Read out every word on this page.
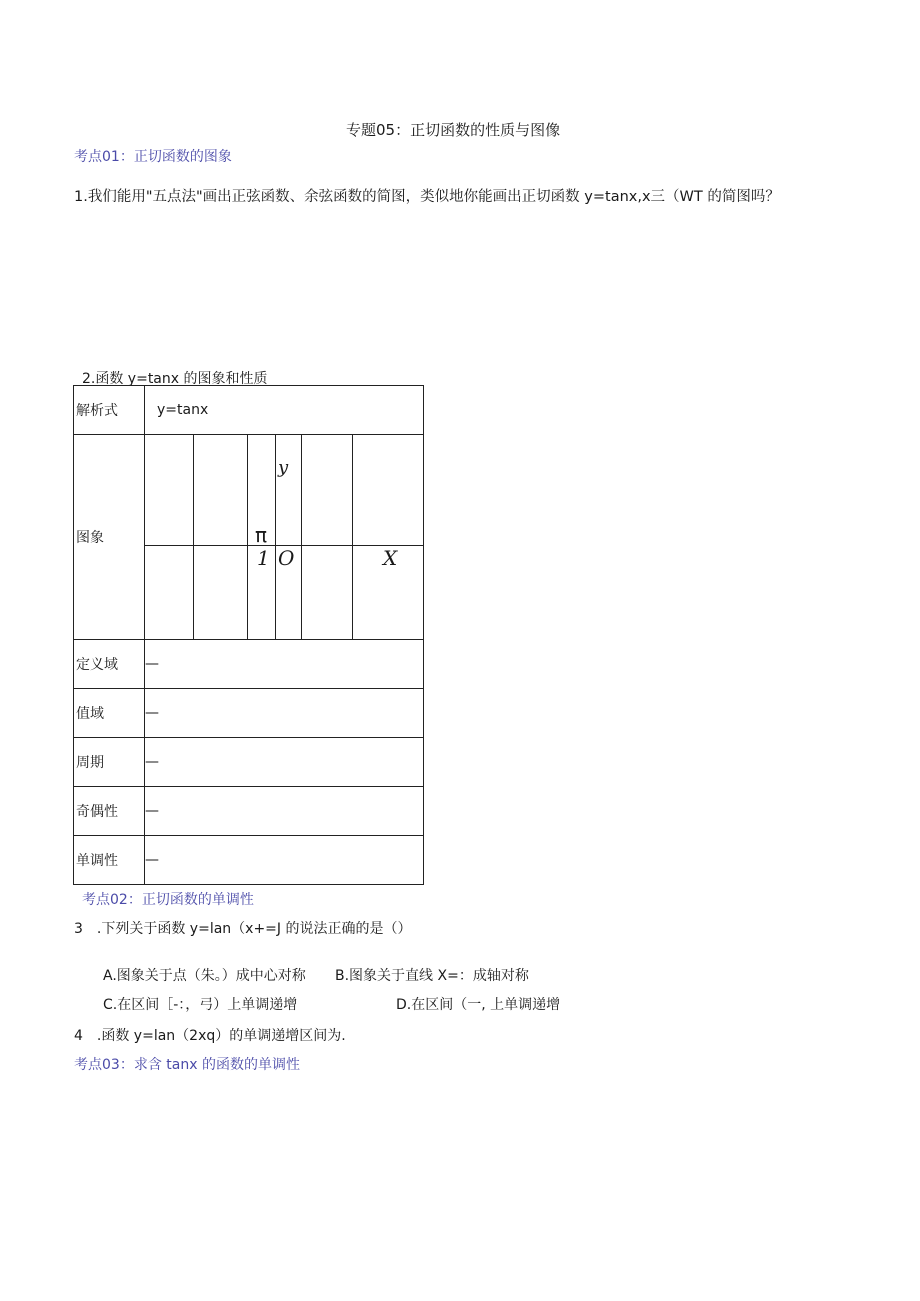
专题05：正切函数的性质与图像
考点01：正切函数的图象
1.我们能用"五点法"画出正弦函数、余弦函数的简图，类似地你能画出正切函数 y=tanx,x三（WT 的简图吗？
2.函数 y=tanx 的图象和性质
解析式	y=tanx
图象	y
π
1 O X

定义域	—
值域	—
周期	—
奇偶性	—
单调性	—
考点02：正切函数的单调性
3　.下列关于函数 y=lan（x+=J 的说法正确的是（）
A.图象关于点（朱。）成中心对称 B.图象关于直线 X=：成轴对称
C.在区间［-：，弓）上单调递增	D.在区间（一, 上单调递增
4　.函数 y=lan（2xq）的单调递增区间为.
考点03：求含 tanx 的函数的单调性
